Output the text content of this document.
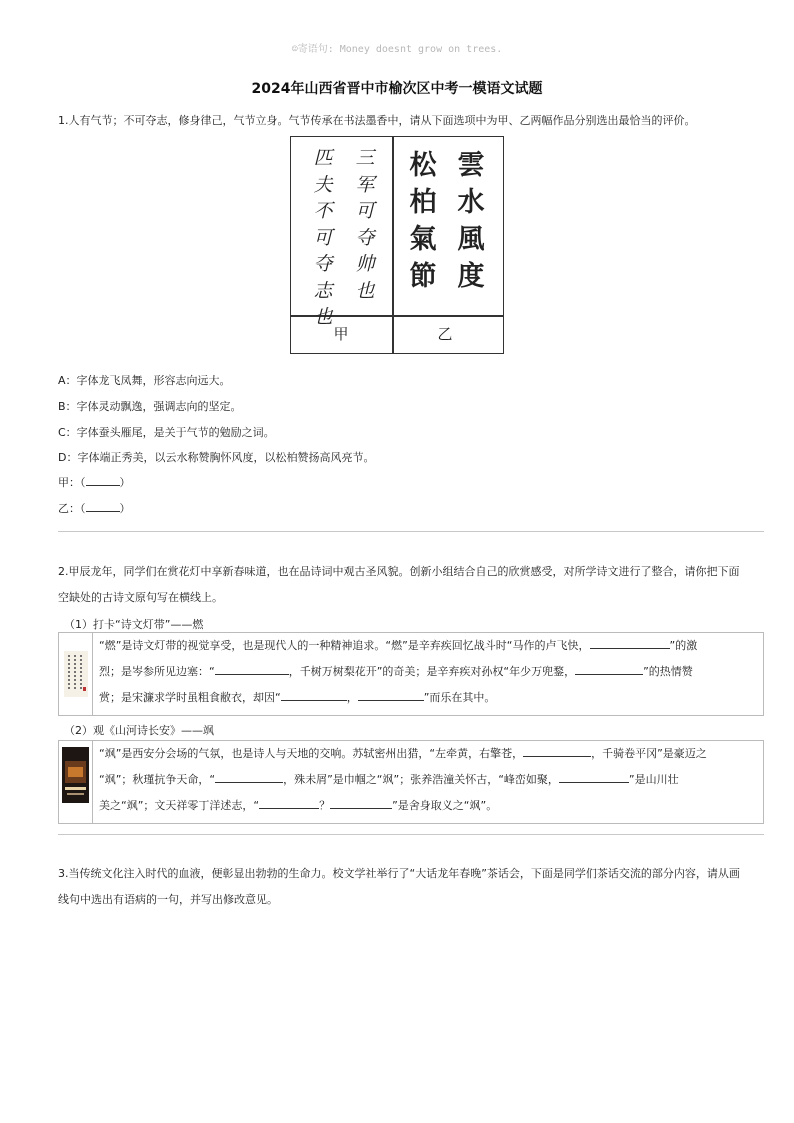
☺寄语句: Money doesnt grow on trees.
2024年山西省晋中市榆次区中考一模语文试题
1.人有气节；不可夺志，修身律己，气节立身。气节传承在书法墨香中，请从下面选项中为甲、乙两幅作品分别选出最恰当的评价。
匹
夫
不
可
夺
志
也
三
军
可
夺
帅
也
松
柏
氣
節
雲
水
風
度
甲	乙
A：字体龙飞凤舞，形容志向远大。
B：字体灵动飘逸，强调志向的坚定。
C：字体蚕头雁尾，是关于气节的勉励之词。
D：字体端正秀美，以云水称赞胸怀风度，以松柏赞扬高风亮节。
甲：（	）
乙：（	）
2.甲辰龙年，同学们在赏花灯中享新春味道，也在品诗词中观古圣风貌。创新小组结合自己的欣赏感受，对所学诗文进行了整合，请你把下面空缺处的古诗文原句写在横线上。
（1）打卡“诗文灯带”——燃
“燃”是诗文灯带的视觉享受，也是现代人的一种精神追求。“燃”是辛弃疾回忆战斗时“马作的卢飞快，	”的激
烈；是岑参所见边塞：“	，千树万树梨花开”的奇美；是辛弃疾对孙权“年少万兜鍪，	”的热情赞
赏；是宋濂求学时虽粗食敝衣，却因“	，	”而乐在其中。
（2）观《山河诗长安》——飒
“飒”是西安分会场的气氛，也是诗人与天地的交响。苏轼密州出猎，“左牵黄，右擎苍，	，千骑卷平冈”是豪迈之
“飒”；秋瑾抗争天命，“	，殊未屑”是巾帼之“飒”；张养浩潼关怀古，“峰峦如聚，	”是山川壮
美之“飒”；文天祥零丁洋述志，“	？	”是舍身取义之“飒”。
3.当传统文化注入时代的血液，便彰显出勃勃的生命力。校文学社举行了“大话龙年春晚”茶话会，下面是同学们茶话交流的部分内容，请从画线句中选出有语病的一句，并写出修改意见。
